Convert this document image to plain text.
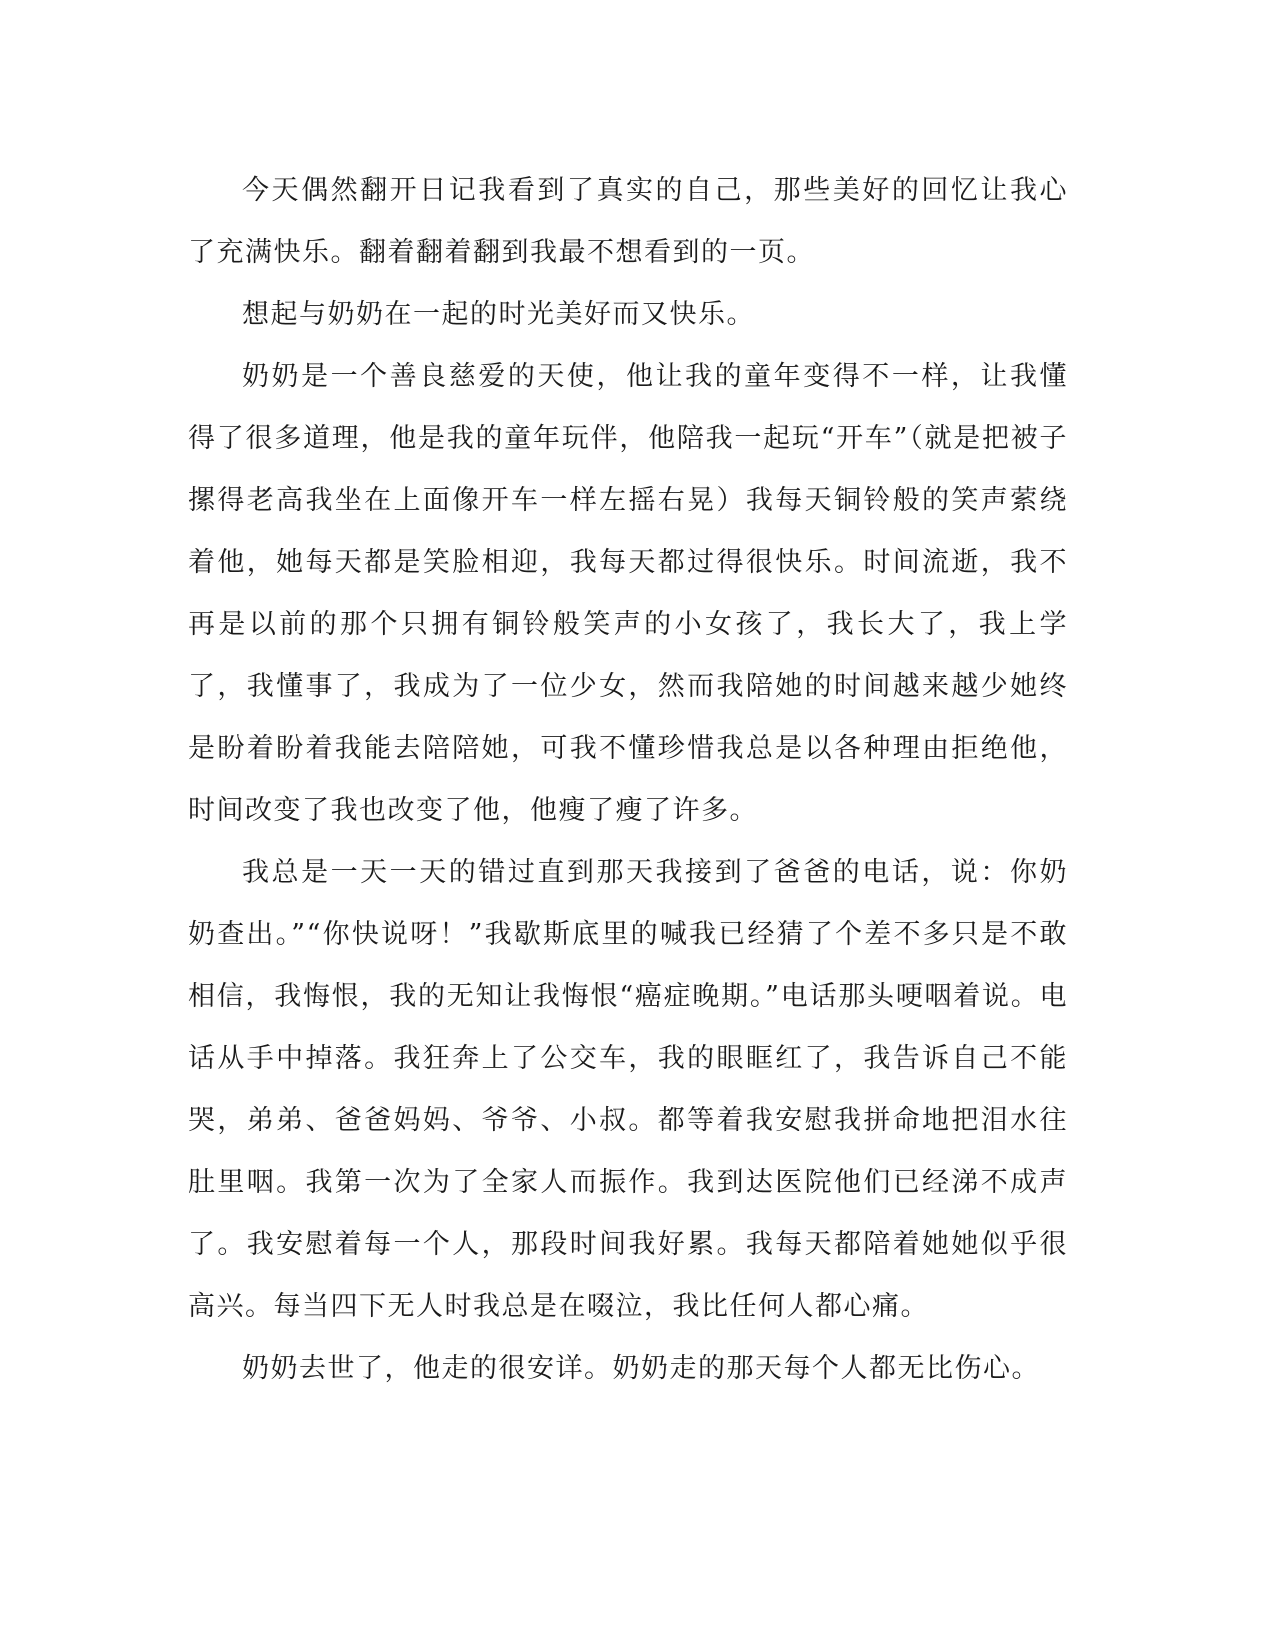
今天偶然翻开日记我看到了真实的自己，那些美好的回忆让我心了充满快乐。翻着翻着翻到我最不想看到的一页。

想起与奶奶在一起的时光美好而又快乐。

奶奶是一个善良慈爱的天使，他让我的童年变得不一样，让我懂得了很多道理，他是我的童年玩伴，他陪我一起玩“开车”（就是把被子摞得老高我坐在上面像开车一样左摇右晃）我每天铜铃般的笑声萦绕着他，她每天都是笑脸相迎，我每天都过得很快乐。时间流逝，我不再是以前的那个只拥有铜铃般笑声的小女孩了，我长大了，我上学了，我懂事了，我成为了一位少女，然而我陪她的时间越来越少她终是盼着盼着我能去陪陪她，可我不懂珍惜我总是以各种理由拒绝他，时间改变了我也改变了他，他瘦了瘦了许多。

我总是一天一天的错过直到那天我接到了爸爸的电话，说：你奶奶查出。”“你快说呀！”我歇斯底里的喊我已经猜了个差不多只是不敢相信，我悔恨，我的无知让我悔恨“癌症晚期。”电话那头哽咽着说。电话从手中掉落。我狂奔上了公交车，我的眼眶红了，我告诉自己不能哭，弟弟、爸爸妈妈、爷爷、小叔。都等着我安慰我拼命地把泪水往肚里咽。我第一次为了全家人而振作。我到达医院他们已经涕不成声了。我安慰着每一个人，那段时间我好累。我每天都陪着她她似乎很高兴。每当四下无人时我总是在啜泣，我比任何人都心痛。

奶奶去世了，他走的很安详。奶奶走的那天每个人都无比伤心。
